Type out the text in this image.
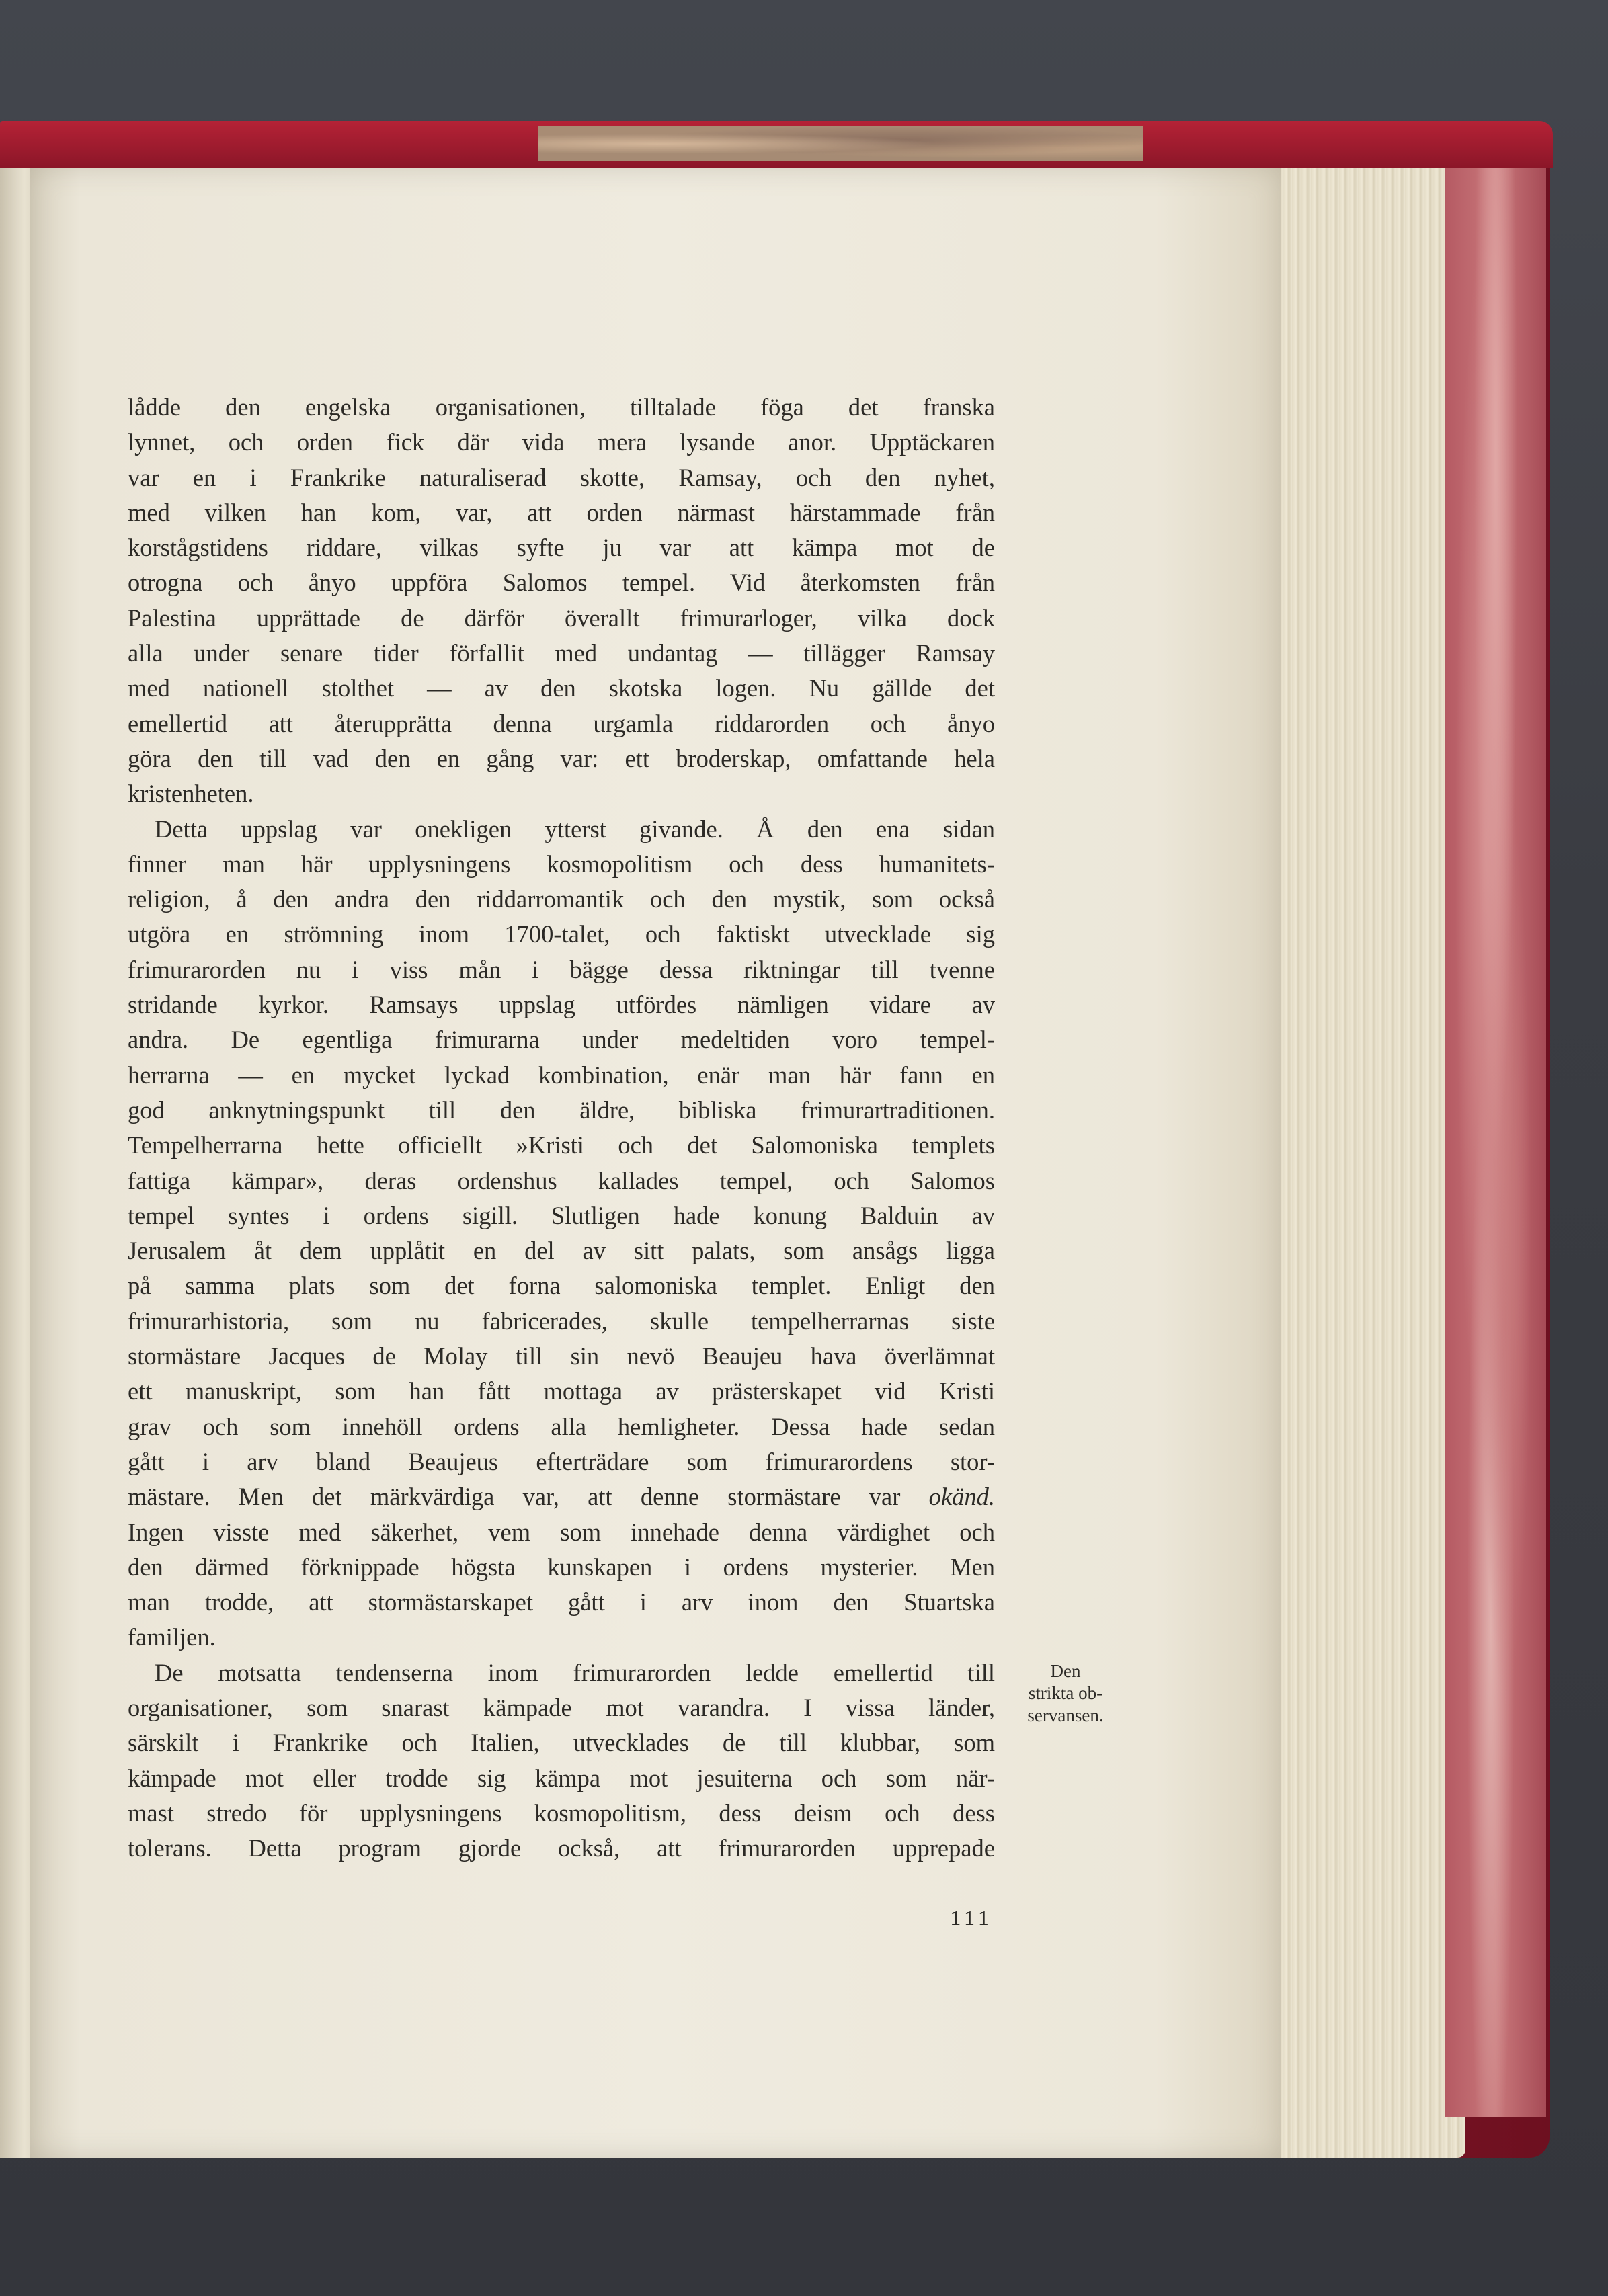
lådde den engelska organisationen, tilltalade föga det franska
lynnet, och orden fick där vida mera lysande anor. Upptäckaren
var en i Frankrike naturaliserad skotte, Ramsay, och den nyhet,
med vilken han kom, var, att orden närmast härstammade från
korstågstidens riddare, vilkas syfte ju var att kämpa mot de
otrogna och ånyo uppföra Salomos tempel. Vid återkomsten från
Palestina upprättade de därför överallt frimurarloger, vilka dock
alla under senare tider förfallit med undantag — tillägger Ramsay
med nationell stolthet — av den skotska logen. Nu gällde det
emellertid att återupprätta denna urgamla riddarorden och ånyo
göra den till vad den en gång var: ett broderskap, omfattande hela
kristenheten.
Detta uppslag var onekligen ytterst givande. Å den ena sidan
finner man här upplysningens kosmopolitism och dess humanitets-
religion, å den andra den riddarromantik och den mystik, som också
utgöra en strömning inom 1700-talet, och faktiskt utvecklade sig
frimurarorden nu i viss mån i bägge dessa riktningar till tvenne
stridande kyrkor. Ramsays uppslag utfördes nämligen vidare av
andra. De egentliga frimurarna under medeltiden voro tempel-
herrarna — en mycket lyckad kombination, enär man här fann en
god anknytningspunkt till den äldre, bibliska frimurartraditionen.
Tempelherrarna hette officiellt »Kristi och det Salomoniska templets
fattiga kämpar», deras ordenshus kallades tempel, och Salomos
tempel syntes i ordens sigill. Slutligen hade konung Balduin av
Jerusalem åt dem upplåtit en del av sitt palats, som ansågs ligga
på samma plats som det forna salomoniska templet. Enligt den
frimurarhistoria, som nu fabricerades, skulle tempelherrarnas siste
stormästare Jacques de Molay till sin nevö Beaujeu hava överlämnat
ett manuskript, som han fått mottaga av prästerskapet vid Kristi
grav och som innehöll ordens alla hemligheter. Dessa hade sedan
gått i arv bland Beaujeus efterträdare som frimurarordens stor-
mästare. Men det märkvärdiga var, att denne stormästare var okänd.
Ingen visste med säkerhet, vem som innehade denna värdighet och
den därmed förknippade högsta kunskapen i ordens mysterier. Men
man trodde, att stormästarskapet gått i arv inom den Stuartska
familjen.
De motsatta tendenserna inom frimurarorden ledde emellertid till
organisationer, som snarast kämpade mot varandra. I vissa länder,
särskilt i Frankrike och Italien, utvecklades de till klubbar, som
kämpade mot eller trodde sig kämpa mot jesuiterna och som när-
mast stredo för upplysningens kosmopolitism, dess deism och dess
tolerans. Detta program gjorde också, att frimurarorden upprepade
Den
strikta ob-
servansen.
111
